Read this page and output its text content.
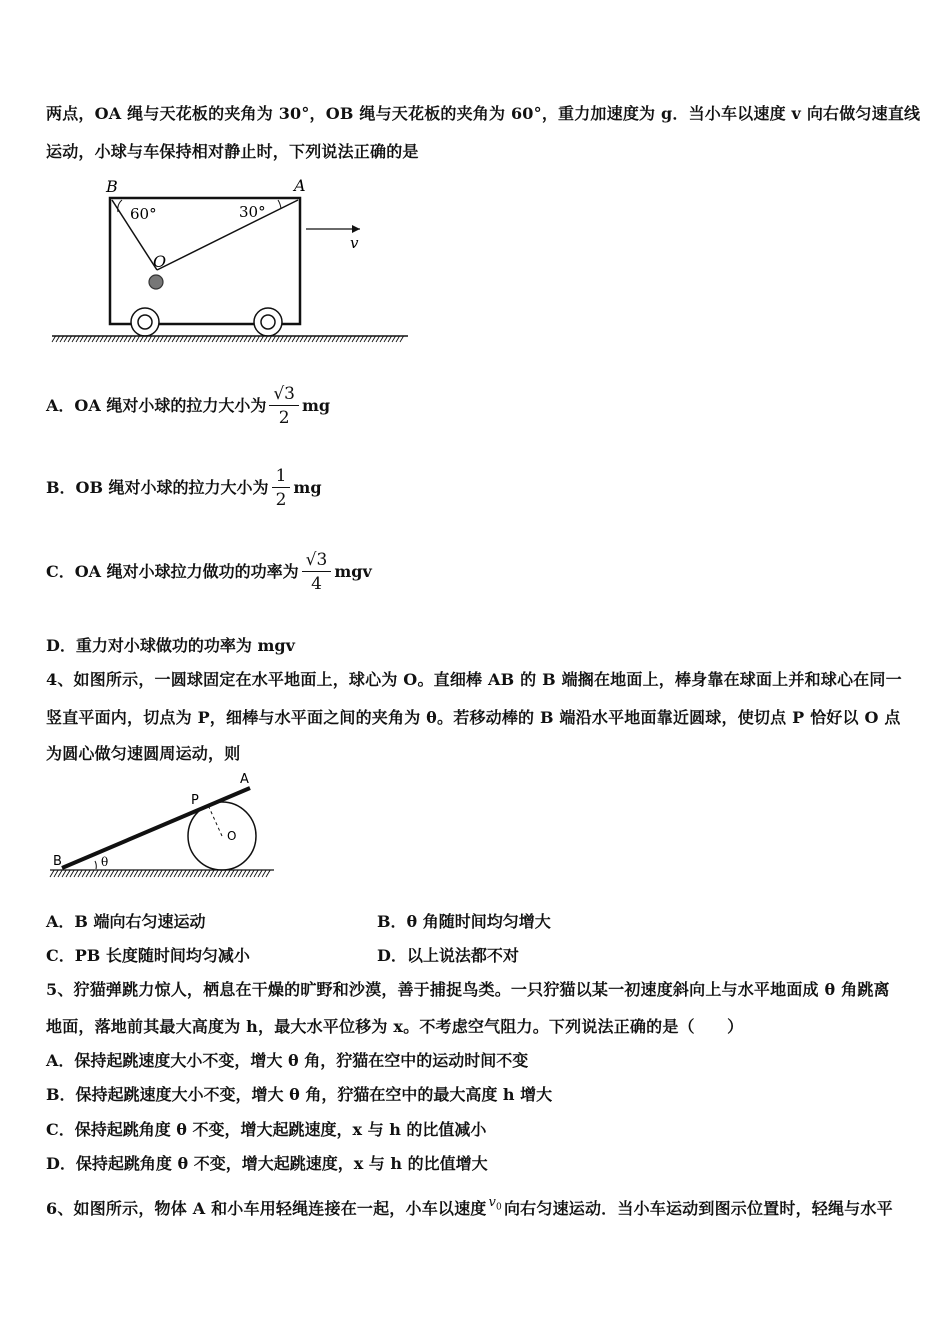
两点，OA 绳与天花板的夹角为 30°，OB 绳与天花板的夹角为 60°，重力加速度为 g．当小车以速度 v 向右做匀速直线
运动，小球与车保持相对静止时，下列说法正确的是
B	A
60°	30°
O
v
A．OA 绳对小球的拉力大小为 $\frac{√3}{2}$ mg
B．OB 绳对小球的拉力大小为 $\frac{1}{2}$ mg
C．OA 绳对小球拉力做功的功率为 $\frac{√3}{4}$ mgv
D．重力对小球做功的功率为 mgv
4、如图所示，一圆球固定在水平地面上，球心为 O。直细棒 AB 的 B 端搁在地面上，棒身靠在球面上并和球心在同一
竖直平面内，切点为 P，细棒与水平面之间的夹角为 θ。若移动棒的 B 端沿水平地面靠近圆球，使切点 P 恰好以 O 点
为圆心做匀速圆周运动，则
A
P
O
B	θ
A．B 端向右匀速运动	B．θ 角随时间均匀增大
C．PB 长度随时间均匀减小	D．以上说法都不对
5、狞猫弹跳力惊人，栖息在干燥的旷野和沙漠，善于捕捉鸟类。一只狞猫以某一初速度斜向上与水平地面成 θ 角跳离
地面，落地前其最大高度为 h，最大水平位移为 x。不考虑空气阻力。下列说法正确的是（　　）
A．保持起跳速度大小不变，增大 θ 角，狞猫在空中的运动时间不变
B．保持起跳速度大小不变，增大 θ 角，狞猫在空中的最大高度 h 增大
C．保持起跳角度 θ 不变，增大起跳速度，x 与 h 的比值减小
D．保持起跳角度 θ 不变，增大起跳速度，x 与 h 的比值增大
6、如图所示，物体 A 和小车用轻绳连接在一起，小车以速度 $^{v_0}$ 向右匀速运动．当小车运动到图示位置时，轻绳与水平
